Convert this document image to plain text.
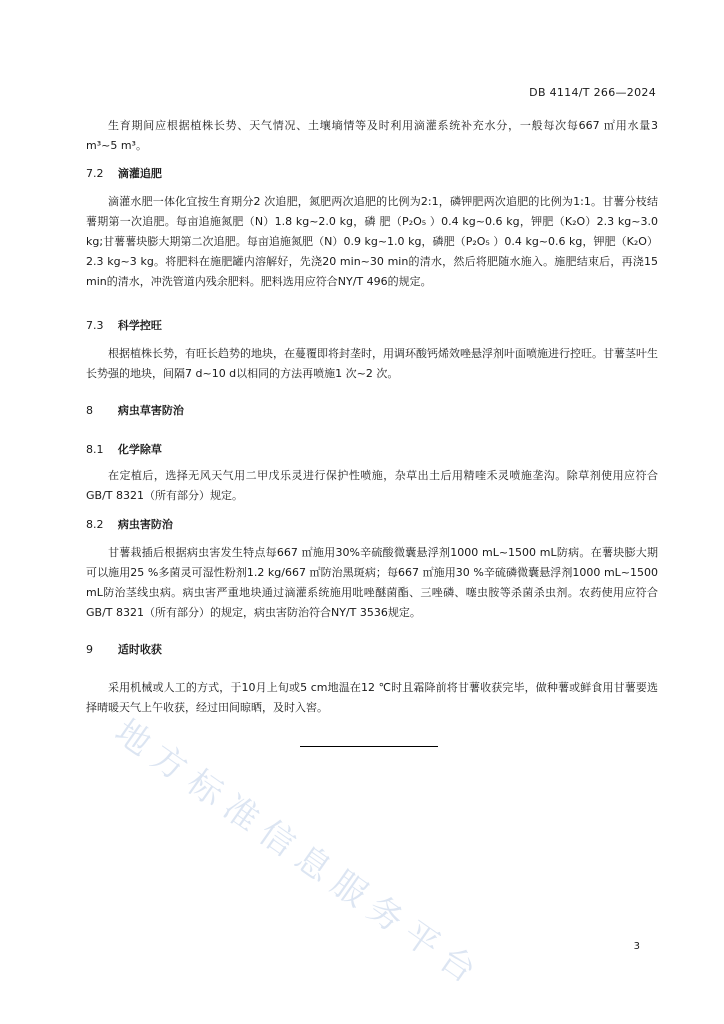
DB 4114/T 266—2024

生育期间应根据植株长势、天气情况、土壤墒情等及时利用滴灌系统补充水分，一般每次每667 ㎡用水量3 m³~5 m³。

7.2 滴灌追肥

滴灌水肥一体化宜按生育期分2 次追肥，氮肥两次追肥的比例为2:1，磷钾肥两次追肥的比例为1:1。甘薯分枝结薯期第一次追肥。每亩追施氮肥（N）1.8 kg~2.0 kg，磷 肥（P₂O₅ ）0.4 kg~0.6 kg，钾肥（K₂O）2.3 kg~3.0 kg;甘薯薯块膨大期第二次追肥。每亩追施氮肥（N）0.9 kg~1.0 kg，磷肥（P₂O₅ ）0.4 kg~0.6 kg，钾肥（K₂O）2.3 kg~3 kg。将肥料在施肥罐内溶解好，先浇20 min~30 min的清水，然后将肥随水施入。施肥结束后，再浇15 min的清水，冲洗管道内残余肥料。肥料选用应符合NY/T 496的规定。

7.3 科学控旺

根据植株长势，有旺长趋势的地块，在蔓覆即将封垄时，用调环酸钙烯效唑悬浮剂叶面喷施进行控旺。甘薯茎叶生长势强的地块，间隔7 d~10 d以相同的方法再喷施1 次~2 次。

8 病虫草害防治
8.1 化学除草

在定植后，选择无风天气用二甲戊乐灵进行保护性喷施，杂草出土后用精喹禾灵喷施垄沟。除草剂使用应符合GB/T 8321（所有部分）规定。

8.2 病虫害防治

甘薯栽插后根据病虫害发生特点每667 ㎡施用30%辛硫酸微囊悬浮剂1000 mL~1500 mL防病。在薯块膨大期可以施用25 %多菌灵可湿性粉剂1.2 kg/667 ㎡防治黑斑病；每667 ㎡施用30 %辛硫磷微囊悬浮剂1000 mL~1500 mL防治茎线虫病。病虫害严重地块通过滴灌系统施用吡唑醚菌酯、三唑磷、噻虫胺等杀菌杀虫剂。农药使用应符合 GB/T 8321（所有部分）的规定，病虫害防治符合NY/T 3536规定。

9 适时收获

采用机械或人工的方式，于10月上旬或5 cm地温在12 ℃时且霜降前将甘薯收获完毕，做种薯或鲜食用甘薯要选择晴暖天气上午收获，经过田间晾晒，及时入窖。

地方标准信息服务平台	3
